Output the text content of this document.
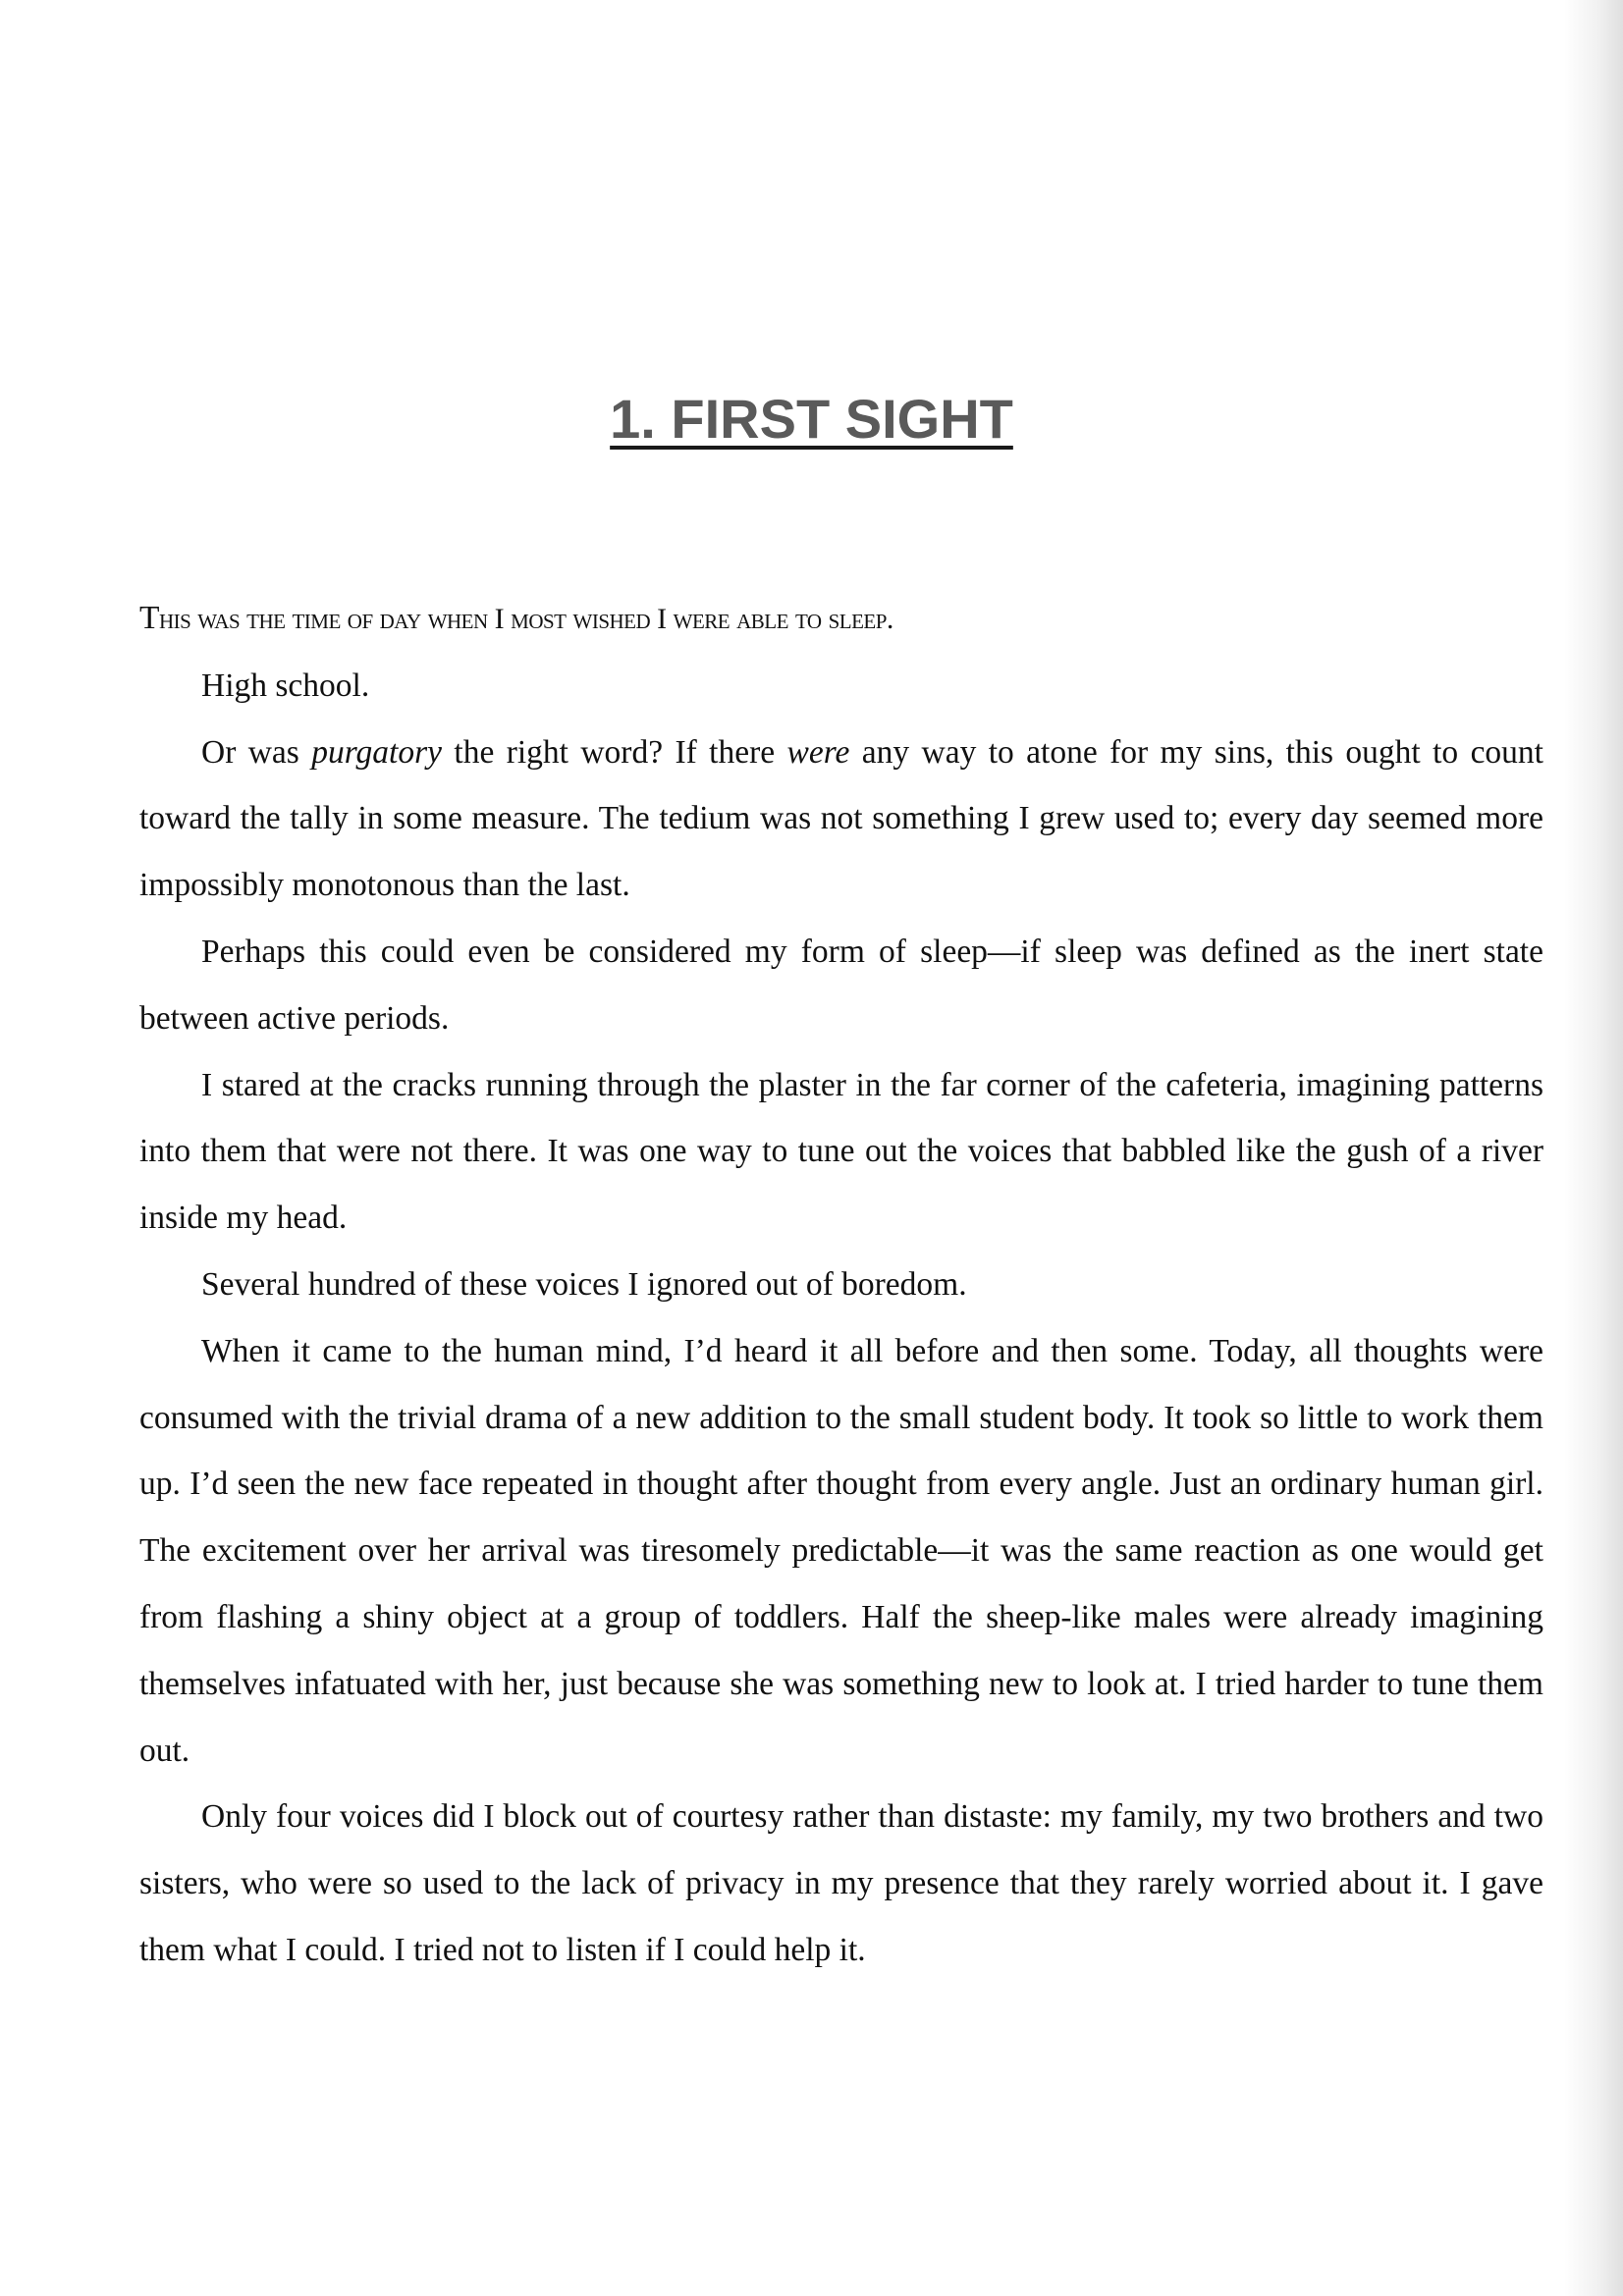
1. FIRST SIGHT

This was the time of day when I most wished I were able to sleep.

High school.

Or was purgatory the right word? If there were any way to atone for my sins, this ought to count toward the tally in some measure. The tedium was not something I grew used to; every day seemed more impossibly monotonous than the last.

Perhaps this could even be considered my form of sleep—if sleep was defined as the inert state between active periods.

I stared at the cracks running through the plaster in the far corner of the cafeteria, imagining patterns into them that were not there. It was one way to tune out the voices that babbled like the gush of a river inside my head.

Several hundred of these voices I ignored out of boredom.

When it came to the human mind, I’d heard it all before and then some. Today, all thoughts were consumed with the trivial drama of a new addition to the small student body. It took so little to work them up. I’d seen the new face repeated in thought after thought from every angle. Just an ordinary human girl. The excitement over her arrival was tiresomely predictable—it was the same reaction as one would get from flashing a shiny object at a group of toddlers. Half the sheep-like males were already imagining themselves infatuated with her, just because she was something new to look at. I tried harder to tune them out.

Only four voices did I block out of courtesy rather than distaste: my family, my two brothers and two sisters, who were so used to the lack of privacy in my presence that they rarely worried about it. I gave them what I could. I tried not to listen if I could help it.
